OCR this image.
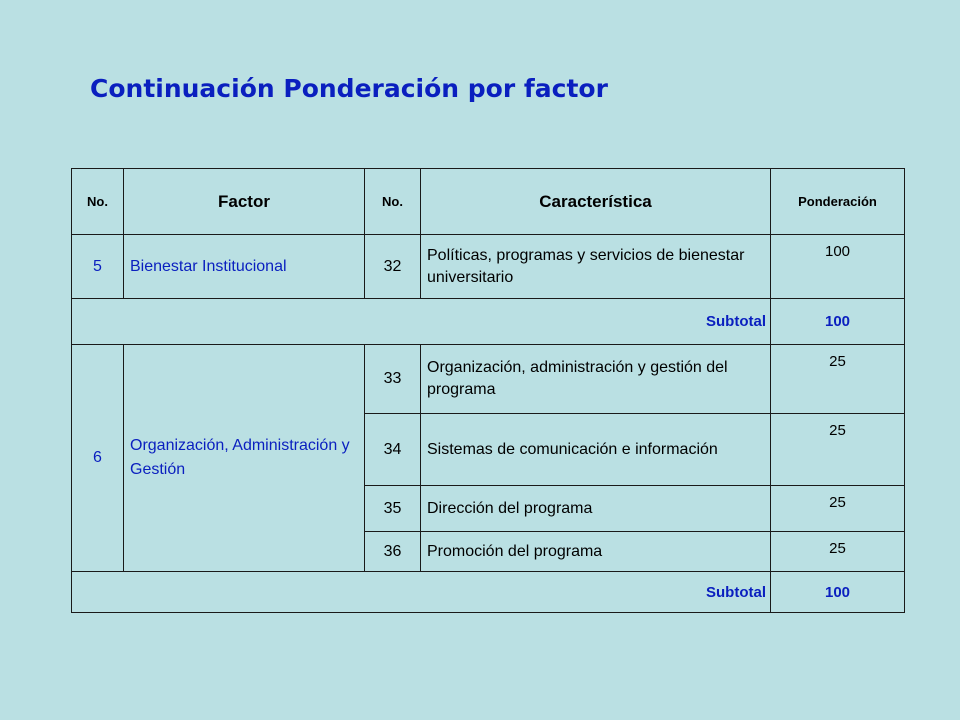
Continuación Ponderación por factor
No.	Factor	No.	Característica	Ponderación
5	Bienestar Institucional	32	Políticas, programas y servicios de bienestar universitario	100
Subtotal				100
6	Organización, Administración y Gestión	33	Organización, administración y gestión del programa	25
		34	Sistemas de comunicación e información	25
		35	Dirección del programa	25
		36	Promoción del programa	25
Subtotal				100
